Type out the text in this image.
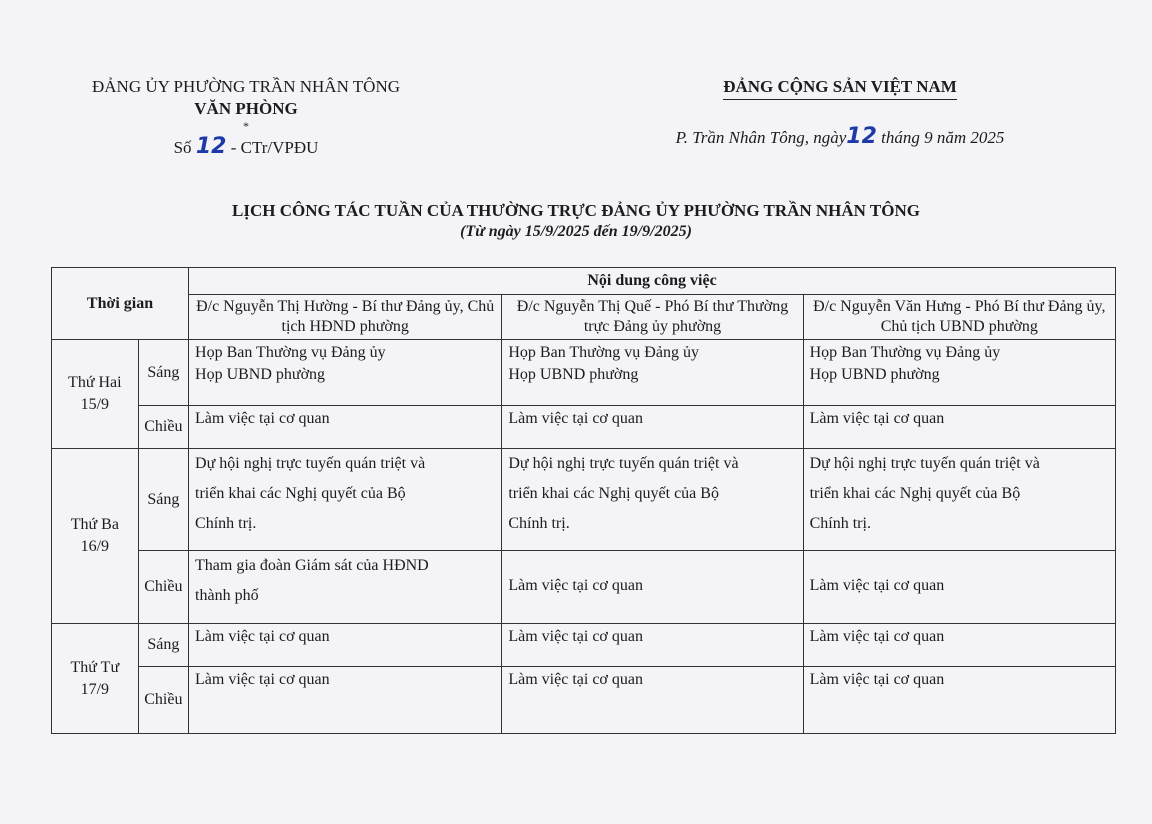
ĐẢNG ỦY PHƯỜNG TRẦN NHÂN TÔNG
VĂN PHÒNG
*
Số 12 - CTr/VPĐU
ĐẢNG CỘNG SẢN VIỆT NAM
P. Trần Nhân Tông, ngày12 tháng 9 năm 2025
LỊCH CÔNG TÁC TUẦN CỦA THƯỜNG TRỰC ĐẢNG ỦY PHƯỜNG TRẦN NHÂN TÔNG
(Từ ngày 15/9/2025 đến 19/9/2025)
Thời gian		Nội dung công việc		
		Đ/c Nguyễn Thị Hường - Bí thư Đảng ủy, Chủ tịch HĐND phường	Đ/c Nguyễn Thị Quế - Phó Bí thư Thường trực Đảng ủy phường	Đ/c Nguyễn Văn Hưng - Phó Bí thư Đảng ủy, Chủ tịch UBND phường

Thứ Hai
15/9	Sáng	Họp Ban Thường vụ Đảng ủy
Họp UBND phường	Họp Ban Thường vụ Đảng ủy
Họp UBND phường	Họp Ban Thường vụ Đảng ủy
Họp UBND phường

	Chiều	Làm việc tại cơ quan	Làm việc tại cơ quan	Làm việc tại cơ quan

Thứ Ba
16/9	Sáng	Dự hội nghị trực tuyến quán triệt và
triển khai các Nghị quyết của Bộ
Chính trị.	Dự hội nghị trực tuyến quán triệt và
triển khai các Nghị quyết của Bộ
Chính trị.	Dự hội nghị trực tuyến quán triệt và
triển khai các Nghị quyết của Bộ
Chính trị.

	Chiều	Tham gia đoàn Giám sát của HĐND
thành phố	Làm việc tại cơ quan	Làm việc tại cơ quan

Thứ Tư
17/9	Sáng	Làm việc tại cơ quan	Làm việc tại cơ quan	Làm việc tại cơ quan

	Chiều	Làm việc tại cơ quan	Làm việc tại cơ quan	Làm việc tại cơ quan
